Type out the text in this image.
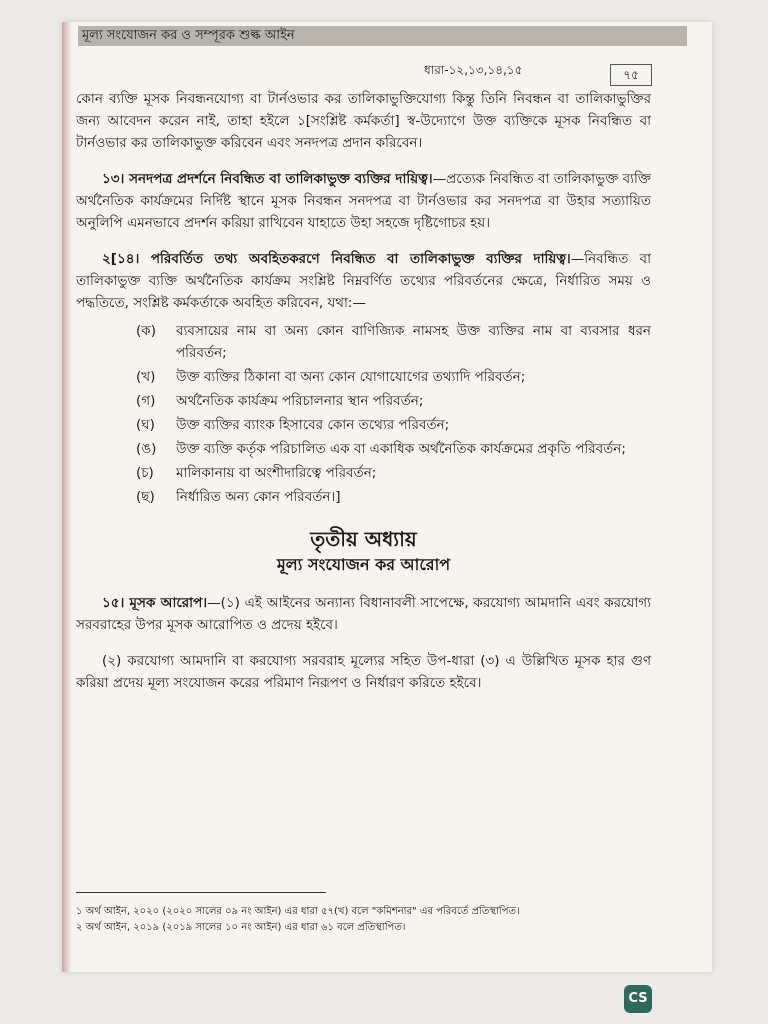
মূল্য সংযোজন কর ও সম্পূরক শুল্ক আইন
ধারা-১২,১৩,১৪,১৫	৭৫

কোন ব্যক্তি মূসক নিবন্ধনযোগ্য বা টার্নওভার কর তালিকাভুক্তিযোগ্য কিন্তু তিনি নিবন্ধন বা তালিকাভুক্তির জন্য আবেদন করেন নাই, তাহা হইলে ১[সংশ্লিষ্ট কর্মকর্তা] স্ব-উদ্যোগে উক্ত ব্যক্তিকে মূসক নিবন্ধিত বা টার্নওভার কর তালিকাভুক্ত করিবেন এবং সনদপত্র প্রদান করিবেন।

১৩। সনদপত্র প্রদর্শনে নিবন্ধিত বা তালিকাভুক্ত ব্যক্তির দায়িত্ব।—প্রত্যেক নিবন্ধিত বা তালিকাভুক্ত ব্যক্তি অর্থনৈতিক কার্যক্রমের নির্দিষ্ট স্থানে মূসক নিবন্ধন সনদপত্র বা টার্নওভার কর সনদপত্র বা উহার সত্যায়িত অনুলিপি এমনভাবে প্রদর্শন করিয়া রাখিবেন যাহাতে উহা সহজে দৃষ্টিগোচর হয়।

২[১৪। পরিবর্তিত তথ্য অবহিতকরণে নিবন্ধিত বা তালিকাভুক্ত ব্যক্তির দায়িত্ব।—নিবন্ধিত বা তালিকাভুক্ত ব্যক্তি অর্থনৈতিক কার্যক্রম সংশ্লিষ্ট নিম্নবর্ণিত তথ্যের পরিবর্তনের ক্ষেত্রে, নির্ধারিত সময় ও পদ্ধতিতে, সংশ্লিষ্ট কর্মকর্তাকে অবহিত করিবেন, যথা:—

(ক)	ব্যবসায়ের নাম বা অন্য কোন বাণিজ্যিক নামসহ উক্ত ব্যক্তির নাম বা ব্যবসার ধরন পরিবর্তন;
(খ)	উক্ত ব্যক্তির ঠিকানা বা অন্য কোন যোগাযোগের তথ্যাদি পরিবর্তন;
(গ)	অর্থনৈতিক কার্যক্রম পরিচালনার স্থান পরিবর্তন;
(ঘ)	উক্ত ব্যক্তির ব্যাংক হিসাবের কোন তথ্যের পরিবর্তন;
(ঙ)	উক্ত ব্যক্তি কর্তৃক পরিচালিত এক বা একাধিক অর্থনৈতিক কার্যক্রমের প্রকৃতি পরিবর্তন;
(চ)	মালিকানায় বা অংশীদারিত্বে পরিবর্তন;
(ছ)	নির্ধারিত অন্য কোন পরিবর্তন।]
তৃতীয় অধ্যায়
মূল্য সংযোজন কর আরোপ

১৫। মূসক আরোপ।—(১) এই আইনের অন্যান্য বিধানাবলী সাপেক্ষে, করযোগ্য আমদানি এবং করযোগ্য সরবরাহের উপর মূসক আরোপিত ও প্রদেয় হইবে।

(২) করযোগ্য আমদানি বা করযোগ্য সরবরাহ মূল্যের সহিত উপ-ধারা (৩) এ উল্লিখিত মূসক হার গুণ করিয়া প্রদেয় মূল্য সংযোজন করের পরিমাণ নিরূপণ ও নির্ধারণ করিতে হইবে।

১ অর্থ আইন, ২০২০ (২০২০ সালের ০৯ নং আইন) এর ধারা ৫৭(খ) বলে "কমিশনার" এর পরিবর্তে প্রতিস্থাপিত।

২ অর্থ আইন, ২০১৯ (২০১৯ সালের ১০ নং আইন) এর ধারা ৬১ বলে প্রতিস্থাপিত।

CS
